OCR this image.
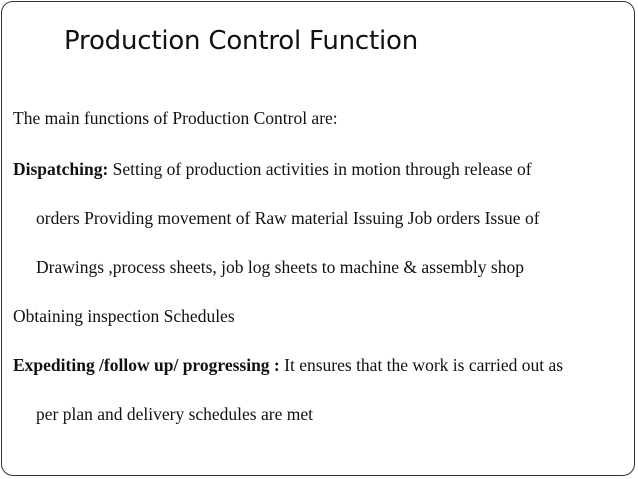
Production Control Function
The main functions of Production Control are:
Dispatching: Setting of production activities in motion through release of
orders Providing movement of Raw material Issuing Job orders Issue of
Drawings ,process sheets, job log sheets to machine & assembly shop
Obtaining inspection Schedules
Expediting /follow up/ progressing : It ensures that the work is carried out as
per plan and delivery schedules are met
